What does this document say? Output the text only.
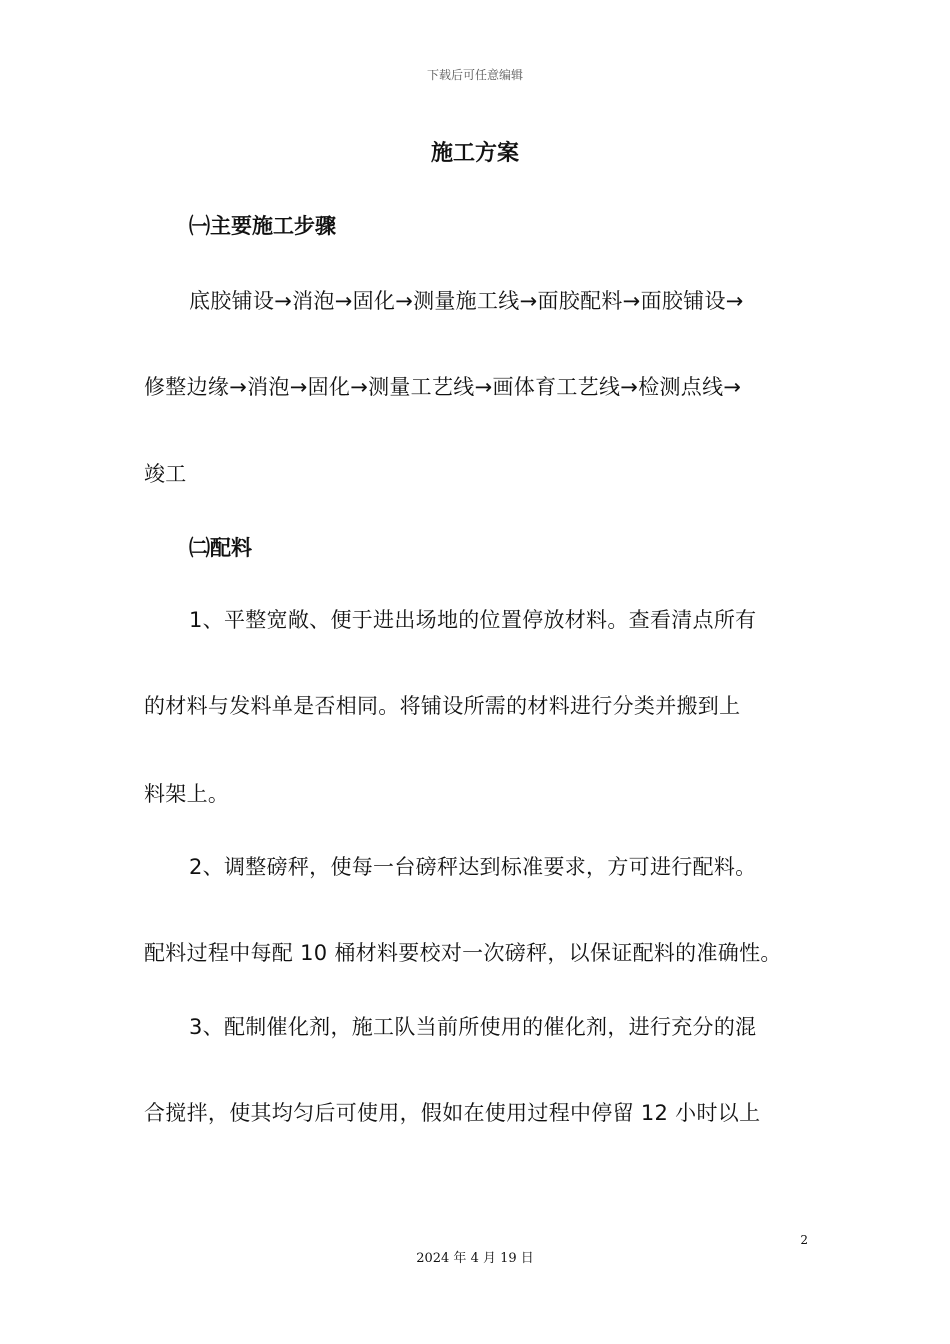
下载后可任意编辑
施工方案
㈠主要施工步骤
底胶铺设→消泡→固化→测量施工线→面胶配料→面胶铺设→
修整边缘→消泡→固化→测量工艺线→画体育工艺线→检测点线→
竣工
㈡配料
1、平整宽敞、便于进出场地的位置停放材料。查看清点所有
的材料与发料单是否相同。将铺设所需的材料进行分类并搬到上
料架上。
2、调整磅秤，使每一台磅秤达到标准要求，方可进行配料。
配料过程中每配 10 桶材料要校对一次磅秤，以保证配料的准确性。
3、配制催化剂，施工队当前所使用的催化剂，进行充分的混
合搅拌，使其均匀后可使用，假如在使用过程中停留 12 小时以上
2
2024 年 4 月 19 日
